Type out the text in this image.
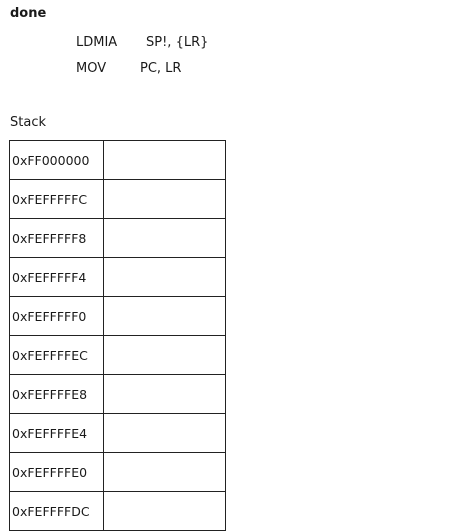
done
LDMIA SP!, {LR}
MOV	PC, LR
Stack
0xFF000000	
0xFEFFFFFC	
0xFEFFFFF8	
0xFEFFFFF4	
0xFEFFFFF0	
0xFEFFFFEC	
0xFEFFFFE8	
0xFEFFFFE4	
0xFEFFFFE0	
0xFEFFFFDC	
